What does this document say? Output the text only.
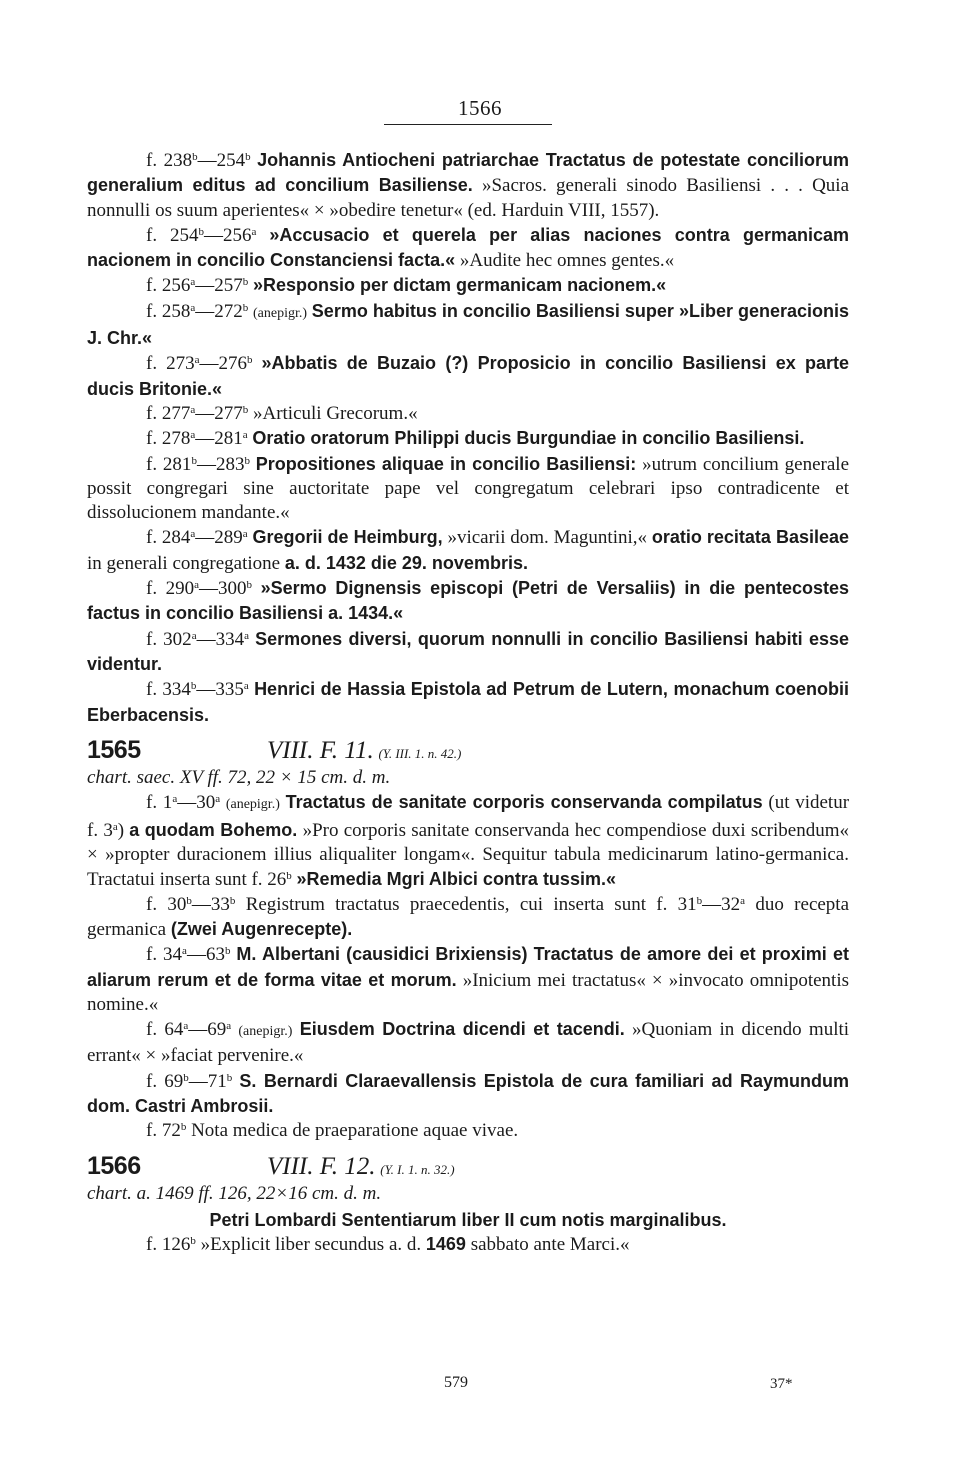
1566

f. 238$^b$—254$^b$ Johannis Antiocheni patriarchae Tractatus de potestate conciliorum generalium editus ad concilium Basiliense. »Sacros. generali sinodo Basiliensi . . . Quia nonnulli os suum aperientes« × »obedire tenetur« (ed. Harduin VIII, 1557).

f. 254$^b$—256$^a$ »Accusacio et querela per alias naciones contra germanicam nacionem in concilio Constanciensi facta.« »Audite hec omnes gentes.«

f. 256$^a$—257$^b$ »Responsio per dictam germanicam nacionem.«

f. 258$^a$—272$^b$ (anepigr.) Sermo habitus in concilio Basiliensi super »Liber generacionis J. Chr.«

f. 273$^a$—276$^b$ »Abbatis de Buzaio (?) Proposicio in concilio Basiliensi ex parte ducis Britonie.«

f. 277$^a$—277$^b$ »Articuli Grecorum.«

f. 278$^a$—281$^a$ Oratio oratorum Philippi ducis Burgundiae in concilio Basiliensi.

f. 281$^b$—283$^b$ Propositiones aliquae in concilio Basiliensi: »utrum concilium generale possit congregari sine auctoritate pape vel congregatum celebrari ipso contradicente et dissolucionem mandante.«

f. 284$^a$—289$^a$ Gregorii de Heimburg, »vicarii dom. Maguntini,« oratio recitata Basileae in generali congregatione a. d. 1432 die 29. novembris.

f. 290$^a$—300$^b$ »Sermo Dignensis episcopi (Petri de Versaliis) in die pentecostes factus in concilio Basiliensi a. 1434.«

f. 302$^a$—334$^a$ Sermones diversi, quorum nonnulli in concilio Basiliensi habiti esse videntur.

f. 334$^b$—335$^a$ Henrici de Hassia Epistola ad Petrum de Lutern, monachum coenobii Eberbacensis.

1565	VIII. F. 11. (Y. III. 1. n. 42.)

chart. saec. XV ff. 72, 22 × 15 cm. d. m.

f. 1$^a$—30$^a$ (anepigr.) Tractatus de sanitate corporis conservanda compilatus (ut videtur f. 3$^a$) a quodam Bohemo. »Pro corporis sanitate conservanda hec compendiose duxi scribendum« × »propter duracionem illius aliqualiter longam«. Sequitur tabula medicinarum latino-germanica. Tractatui inserta sunt f. 26$^b$ »Remedia Mgri Albici contra tussim.«

f. 30$^b$—33$^b$ Registrum tractatus praecedentis, cui inserta sunt f. 31$^b$—32$^a$ duo recepta germanica (Zwei Augenrecepte).

f. 34$^a$—63$^b$ M. Albertani (causidici Brixiensis) Tractatus de amore dei et proximi et aliarum rerum et de forma vitae et morum. »Inicium mei tractatus« × »invocato omnipotentis nomine.«

f. 64$^a$—69$^a$ (anepigr.) Eiusdem Doctrina dicendi et tacendi. »Quoniam in dicendo multi errant« × »faciat pervenire.«

f. 69$^b$—71$^b$ S. Bernardi Claraevallensis Epistola de cura familiari ad Raymundum dom. Castri Ambrosii.

f. 72$^b$ Nota medica de praeparatione aquae vivae.

1566	VIII. F. 12. (Y. I. 1. n. 32.)

chart. a. 1469 ff. 126, 22×16 cm. d. m.

Petri Lombardi Sententiarum liber II cum notis marginalibus.

f. 126$^b$ »Explicit liber secundus a. d. 1469 sabbato ante Marci.«

579	37*
